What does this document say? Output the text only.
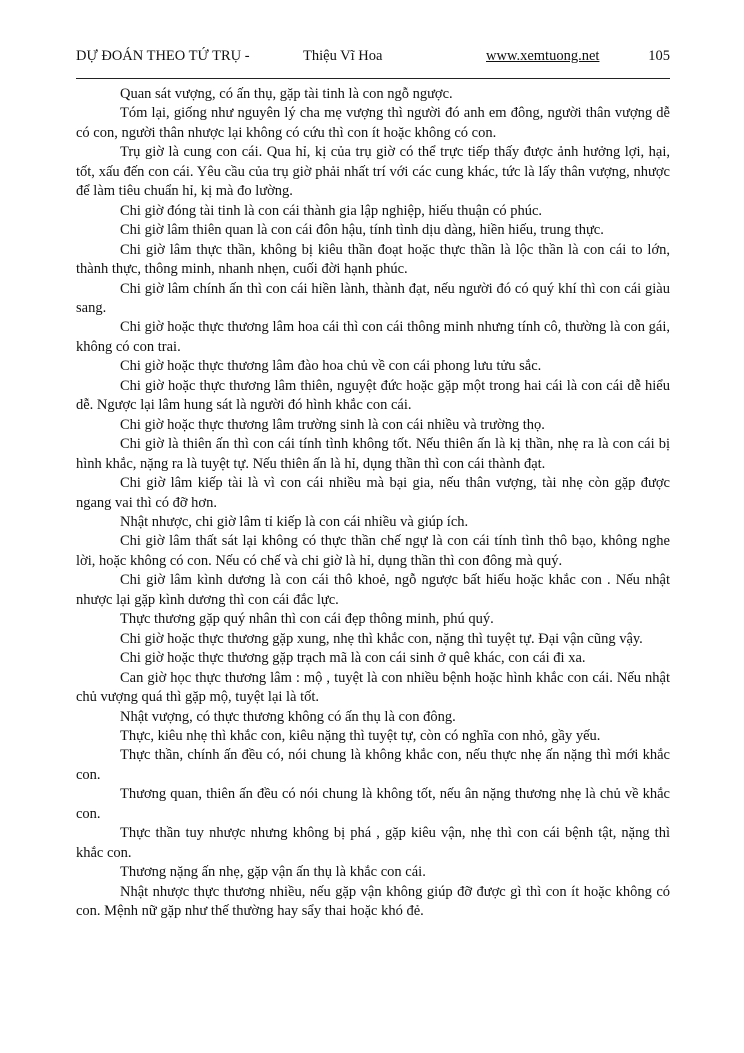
DỰ ĐOÁN THEO TỨ TRỤ -	Thiệu Vĩ Hoa	www.xemtuong.net	105

Quan sát vượng, có ấn thụ, gặp tài tinh là con ngỗ ngược.

Tóm lại, giống như nguyên lý cha mẹ vượng thì người đó anh em đông, người thân vượng dễ có con, người thân nhược lại không có cứu thì con ít hoặc không có con.

Trụ giờ là cung con cái. Qua hỉ, kị của trụ giờ có thể trực tiếp thấy được ảnh hưởng lợi, hại, tốt, xấu đến con cái. Yêu cầu của trụ giờ phải nhất trí với các cung khác, tức là lấy thân vượng, nhược để làm tiêu chuẩn hỉ, kị mà đo lường.

Chi giờ đóng tài tinh là con cái thành gia lập nghiệp, hiếu thuận có phúc.

Chi giờ lâm thiên quan là con cái đôn hậu, tính tình dịu dàng, hiền hiếu, trung thực.

Chi giờ lâm thực thần, không bị kiêu thần đoạt hoặc thực thần là lộc thần là con cái to lớn, thành thực, thông minh, nhanh nhẹn, cuối đời hạnh phúc.

Chi giờ lâm chính ấn thì con cái hiền lành, thành đạt, nếu người đó có quý khí thì con cái giàu sang.

Chi giờ hoặc thực thương lâm hoa cái thì con cái thông minh nhưng tính cô, thường là con gái, không có con trai.

Chi giờ hoặc thực thương lâm đào hoa chủ về con cái phong lưu tửu sắc.

Chi giờ hoặc thực thương lâm thiên, nguyệt đức hoặc gặp một trong hai cái là con cái dễ hiểu dễ. Ngược lại lâm hung sát là người đó hình khắc con cái.

Chi giờ hoặc thực thương lâm trường sinh là con cái nhiều và trường thọ.

Chi giờ là thiên ấn thì con cái tính tình không tốt. Nếu thiên ấn là kị thần, nhẹ ra là con cái bị hình khắc, nặng ra là tuyệt tự. Nếu thiên ấn là hỉ, dụng thần thì con cái thành đạt.

Chi giờ lâm kiếp tài là vì con cái nhiều mà bại gia, nếu thân vượng, tài nhẹ còn gặp được ngang vai thì có đỡ hơn.

Nhật nhược, chi giờ lâm tỉ kiếp là con cái nhiều và giúp ích.

Chi giờ lâm thất sát lại không có thực thần chế ngự là con cái tính tình thô bạo, không nghe lời, hoặc không có con. Nếu có chế và chi giờ là hỉ, dụng thần thì con đông mà quý.

Chi giờ lâm kình dương là con cái thô khoẻ, ngỗ ngược bất hiếu hoặc khắc con . Nếu nhật nhược lại gặp kình dương thì con cái đắc lực.

Thực thương gặp quý nhân thì con cái đẹp thông minh, phú quý.

Chi giờ hoặc thực thương gặp xung, nhẹ thì khắc con, nặng thì tuyệt tự. Đại vận cũng vậy.

Chi giờ hoặc thực thương gặp trạch mã là con cái sinh ở quê khác, con cái đi xa.

Can giờ học thực thương lâm : mộ , tuyệt là con nhiều bệnh hoặc hình khắc con cái. Nếu nhật chủ vượng quá thì gặp mộ, tuyệt lại là tốt.

Nhật vượng, có thực thương không có ấn thụ là con đông.

Thực, kiêu nhẹ thì khắc con, kiêu nặng thì tuyệt tự, còn có nghĩa con nhỏ, gầy yếu.

Thực thần, chính ấn đều có, nói chung là không khắc con, nếu thực nhẹ ấn nặng thì mới khắc con.

Thương quan, thiên ấn đều có nói chung là không tốt, nếu ân nặng thương nhẹ là chủ về khắc con.

Thực thần tuy nhược nhưng không bị phá , gặp kiêu vận, nhẹ thì con cái bệnh tật, nặng thì khắc con.

Thương nặng ấn nhẹ, gặp vận ấn thụ là khắc con cái.

Nhật nhược thực thương nhiều, nếu gặp vận không giúp đỡ được gì thì con ít hoặc không có con. Mệnh nữ gặp như thế thường hay sẩy thai hoặc khó đẻ.
